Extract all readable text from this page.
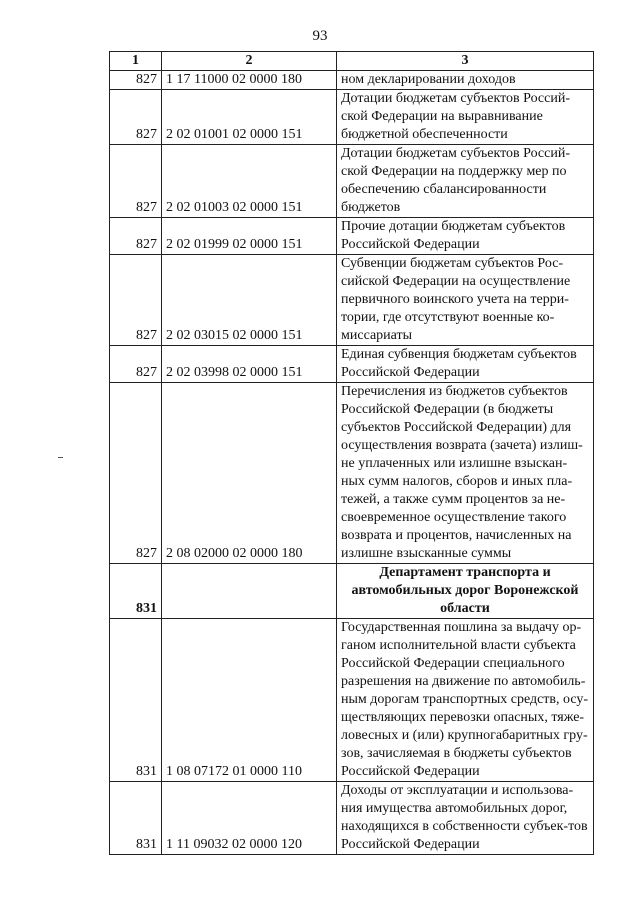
93
1	2	3
827	1 17 11000 02 0000 180	ном декларировании доходов
827	2 02 01001 02 0000 151	Дотации бюджетам субъектов Россий-ской Федерации на выравнивание бюджетной обеспеченности
827	2 02 01003 02 0000 151	Дотации бюджетам субъектов Россий-ской Федерации на поддержку мер по обеспечению сбалансированности бюджетов
827	2 02 01999 02 0000 151	Прочие дотации бюджетам субъектов Российской Федерации
827	2 02 03015 02 0000 151	Субвенции бюджетам субъектов Рос-сийской Федерации на осуществление первичного воинского учета на терри-тории, где отсутствуют военные ко-миссариаты
827	2 02 03998 02 0000 151	Единая субвенция бюджетам субъектов Российской Федерации
827	2 08 02000 02 0000 180	Перечисления из бюджетов субъектов Российской Федерации (в бюджеты субъектов Российской Федерации) для осуществления возврата (зачета) излиш-не уплаченных или излишне взыскан-ных сумм налогов, сборов и иных пла-тежей, а также сумм процентов за не-своевременное осуществление такого возврата и процентов, начисленных на излишне взысканные суммы
831		Департамент транспорта и автомобильных дорог Воронежской области
831	1 08 07172 01 0000 110	Государственная пошлина за выдачу ор-ганом исполнительной власти субъекта Российской Федерации специального разрешения на движение по автомобиль-ным дорогам транспортных средств, осу-ществляющих перевозки опасных, тяже-ловесных и (или) крупногабаритных гру-зов, зачисляемая в бюджеты субъектов Российской Федерации
831	1 11 09032 02 0000 120	Доходы от эксплуатации и использова-ния имущества автомобильных дорог, находящихся в собственности субъек-тов Российской Федерации
